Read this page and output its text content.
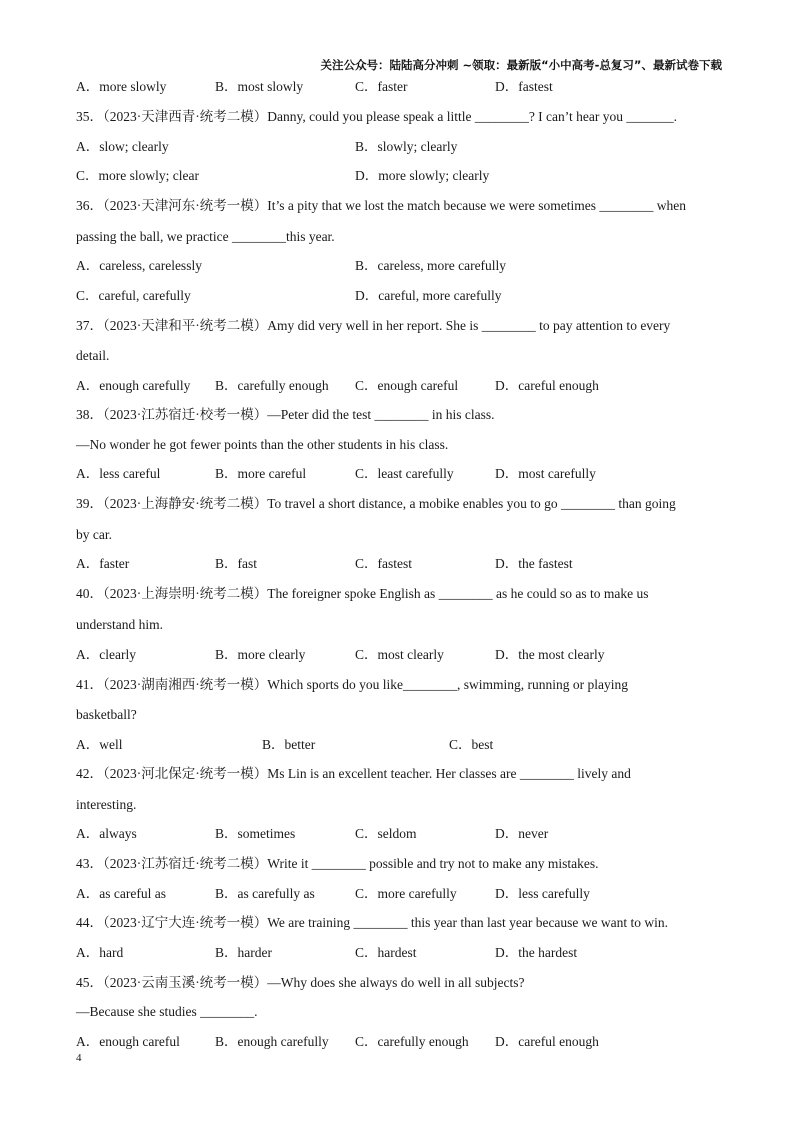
关注公众号：陆陆高分冲刺 ~领取：最新版“小中高考-总复习”、最新试卷下载
A．more slowly	B．most slowly	C．faster	D．fastest
35．（2023·天津西青·统考二模）Danny, could you please speak a little ________? I can’t hear you _______.
A．slow; clearly	B．slowly; clearly
C．more slowly; clear	D．more slowly; clearly
36．（2023·天津河东·统考一模）It’s a pity that we lost the match because we were sometimes ________ when
passing the ball, we practice ________this year.
A．careless, carelessly	B．careless, more carefully
C．careful, carefully	D．careful, more carefully
37．（2023·天津和平·统考二模）Amy did very well in her report. She is ________ to pay attention to every
detail.
A．enough carefully B．carefully enough C．enough careful	D．careful enough
38．（2023·江苏宿迁·校考一模）—Peter did the test ________ in his class.
—No wonder he got fewer points than the other students in his class.
A．less careful	B．more careful	C．least carefully	D．most carefully
39．（2023·上海静安·统考二模）To travel a short distance, a mobike enables you to go ________ than going
by car.
A．faster	B．fast	C．fastest	D．the fastest
40．（2023·上海崇明·统考二模）The foreigner spoke English as ________ as he could so as to make us
understand him.
A．clearly	B．more clearly	C．most clearly	D．the most clearly
41．（2023·湖南湘西·统考一模）Which sports do you like________, swimming, running or playing
basketball?
A．well	B．better	C．best
42．（2023·河北保定·统考一模）Ms Lin is an excellent teacher. Her classes are ________ lively and
interesting.
A．always	B．sometimes	C．seldom	D．never
43．（2023·江苏宿迁·统考二模）Write it ________ possible and try not to make any mistakes.
A．as careful as	B．as carefully as	C．more carefully	D．less carefully
44．（2023·辽宁大连·统考一模）We are training ________ this year than last year because we want to win.
A．hard	B．harder	C．hardest	D．the hardest
45．（2023·云南玉溪·统考一模）—Why does she always do well in all subjects?
—Because she studies ________.
A．enough careful	B．enough carefully C．carefully enough D．careful enough
4
